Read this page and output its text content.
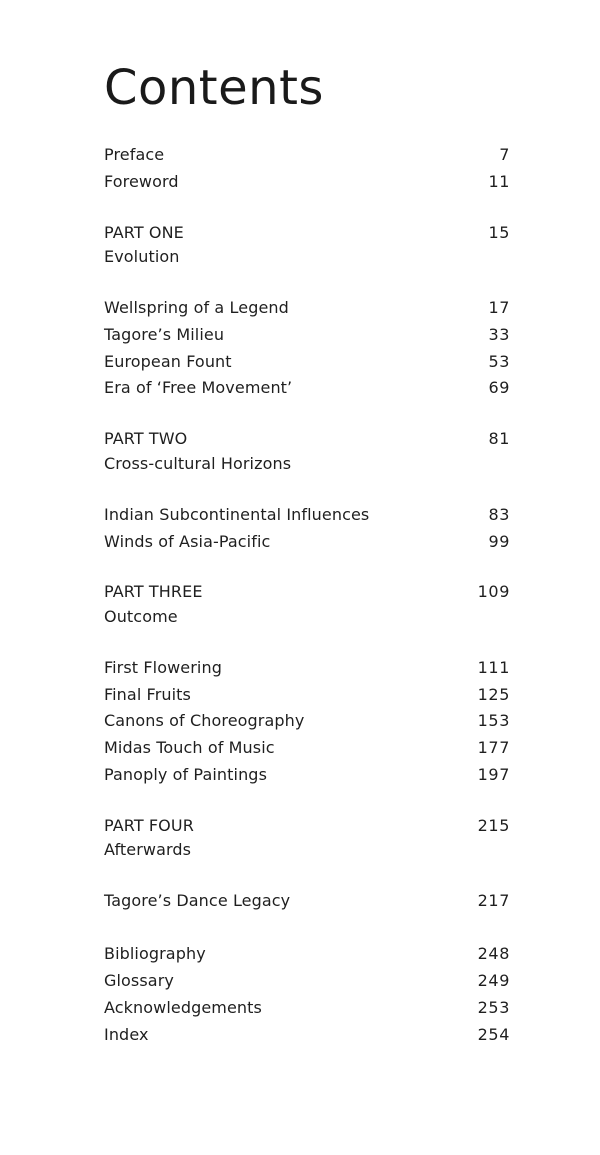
Contents
Preface	7
Foreword	11
PART ONE	15
Evolution
Wellspring of a Legend	17
Tagore’s Milieu	33
European Fount	53
Era of ‘Free Movement’	69
PART TWO	81
Cross-cultural Horizons
Indian Subcontinental Influences	83
Winds of Asia-Pacific	99
PART THREE	109
Outcome
First Flowering	111
Final Fruits	125
Canons of Choreography	153
Midas Touch of Music	177
Panoply of Paintings	197
PART FOUR	215
Afterwards
Tagore’s Dance Legacy	217
Bibliography	248
Glossary	249
Acknowledgements	253
Index	254
